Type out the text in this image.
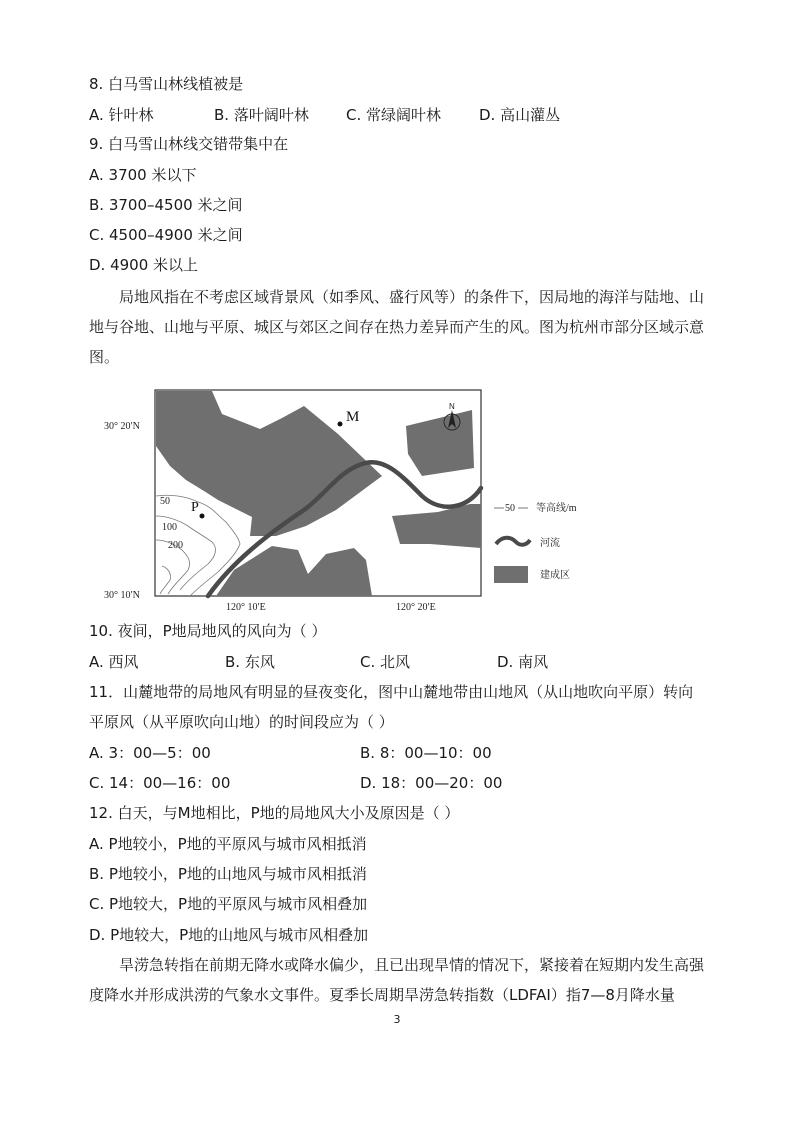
8. 白马雪山林线植被是
A. 针叶林	B. 落叶阔叶林 C. 常绿阔叶林	D. 高山灌丛
9. 白马雪山林线交错带集中在
A. 3700 米以下
B. 3700–4500 米之间
C. 4500–4900 米之间
D. 4900 米以上
局地风指在不考虑区域背景风（如季风、盛行风等）的条件下，因局地的海洋与陆地、山地与谷地、山地与平原、城区与郊区之间存在热力差异而产生的风。图为杭州市部分区域示意图。
50
100
200
M
P
N
30° 20′N
30° 10′N
120° 10′E	120° 20′E
50 等高线/m
河流
建成区
10. 夜间，P地局地风的风向为（ ）
A. 西风	B. 东风	C. 北风	D. 南风
11．山麓地带的局地风有明显的昼夜变化，图中山麓地带由山地风（从山地吹向平原）转向
平原风（从平原吹向山地）的时间段应为（ ）
A. 3：00—5：00	B. 8：00—10：00
C. 14：00—16：00	D. 18：00—20：00
12. 白天，与M地相比，P地的局地风大小及原因是（ ）
A. P地较小，P地的平原风与城市风相抵消
B. P地较小，P地的山地风与城市风相抵消
C. P地较大，P地的平原风与城市风相叠加
D. P地较大，P地的山地风与城市风相叠加
旱涝急转指在前期无降水或降水偏少，且已出现旱情的情况下，紧接着在短期内发生高强度降水并形成洪涝的气象水文事件。夏季长周期旱涝急转指数（LDFAI）指7—8月降水量
3
